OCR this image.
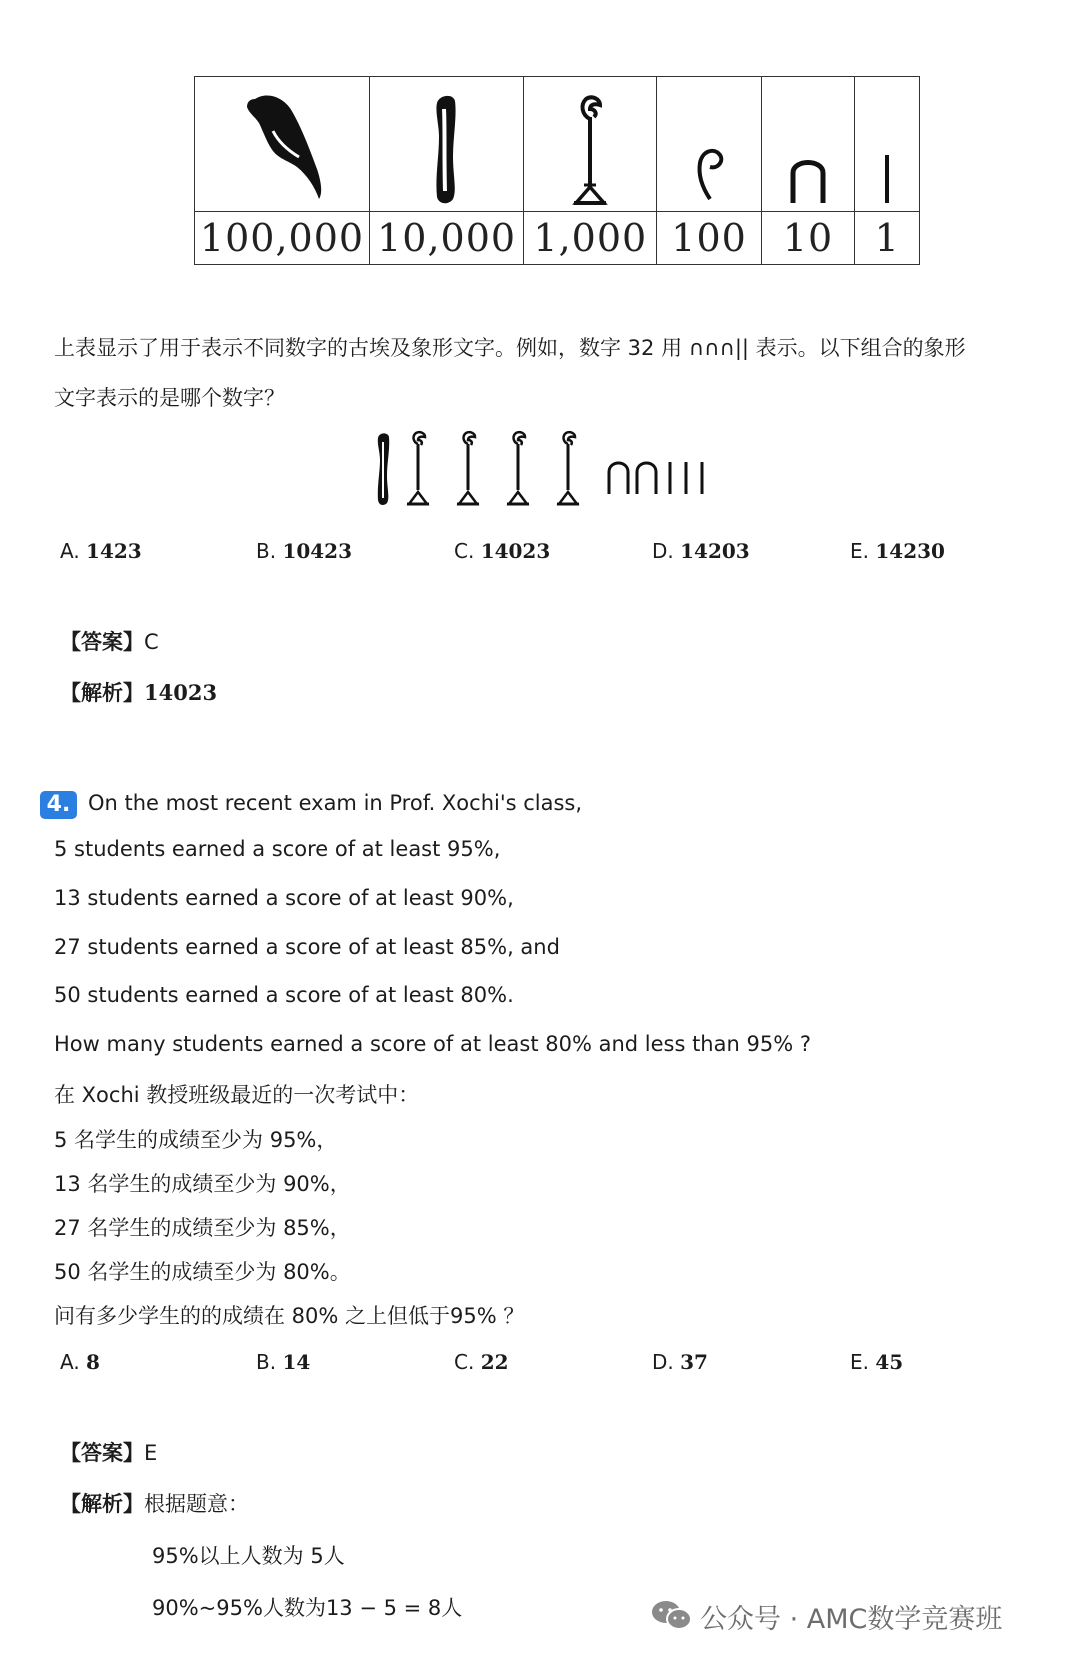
100,000	10,000	1,000	100	10	1
上表显示了用于表示不同数字的古埃及象形文字。例如，数字 32 用 ∩∩∩|| 表示。以下组合的象形
文字表示的是哪个数字？
A. 1423	B. 10423	C. 14023	D. 14203	E. 14230
【答案】C
【解析】14023
4. On the most recent exam in Prof. Xochi's class,
5 students earned a score of at least 95%,
13 students earned a score of at least 90%,
27 students earned a score of at least 85%, and
50 students earned a score of at least 80%.
How many students earned a score of at least 80% and less than 95% ?
在 Xochi 教授班级最近的一次考试中：
5 名学生的成绩至少为 95%，
13 名学生的成绩至少为 90%，
27 名学生的成绩至少为 85%，
50 名学生的成绩至少为 80%。
问有多少学生的的成绩在 80% 之上但低于95% ？
A. 8	B. 14	C. 22	D. 37	E. 45
【答案】E
【解析】根据题意：
95%以上人数为 5人
90%~95%人数为13 − 5 = 8人	公众号 · AMC数学竞赛班
